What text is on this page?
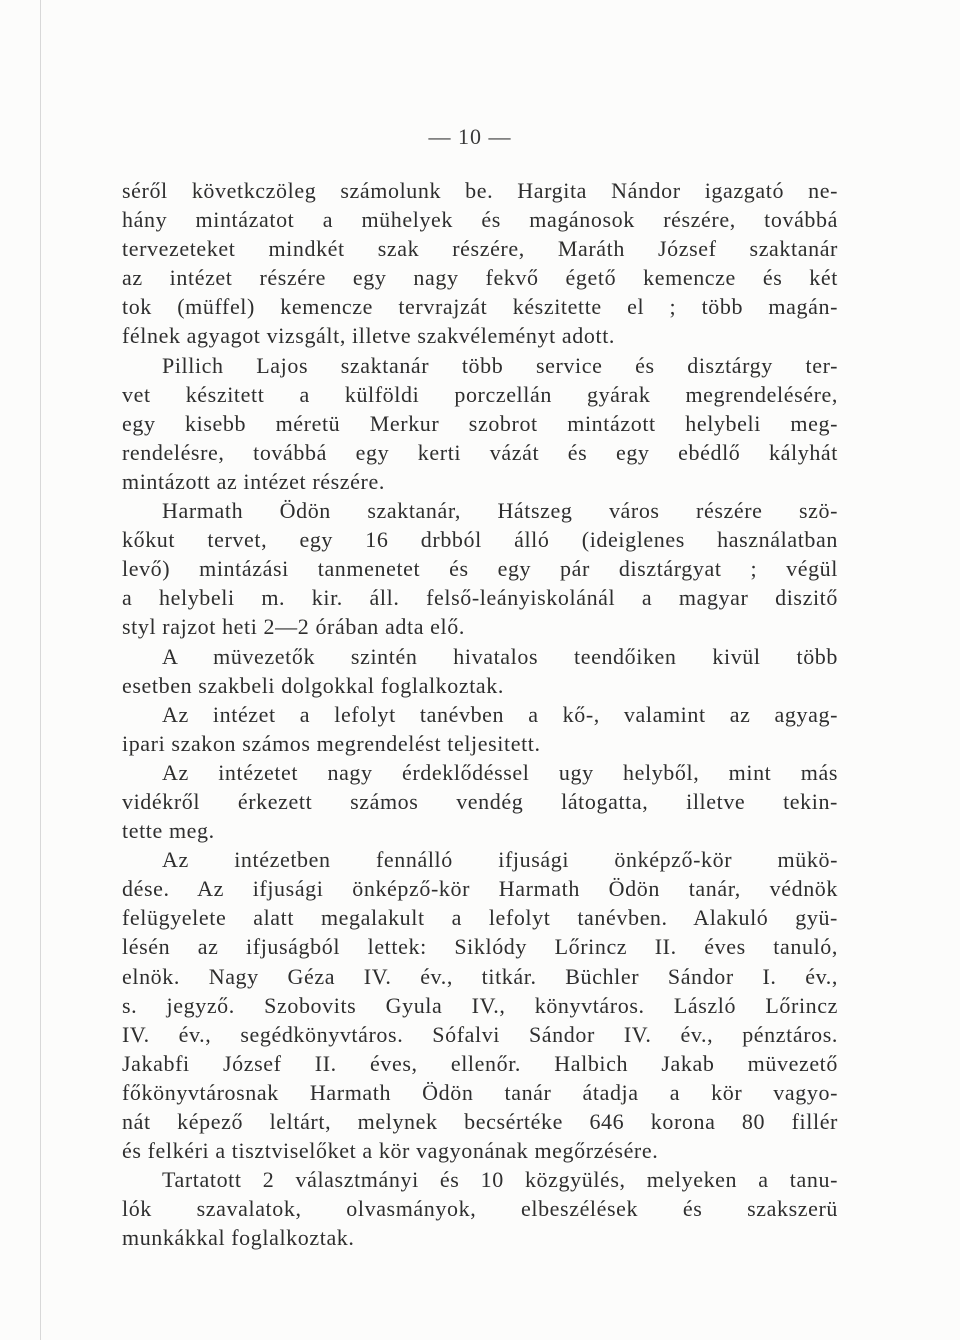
— 10 —
séről követkczöleg számolunk be. Hargita Nándor igazgató ne-
hány mintázatot a mühelyek és magánosok részére, továbbá
tervezeteket mindkét szak részére, Maráth József szaktanár
az intézet részére egy nagy fekvő égető kemencze és két
tok (müffel) kemencze tervrajzát készitette el ; több magán-
félnek agyagot vizsgált, illetve szakvéleményt adott.
Pillich Lajos szaktanár több service és disztárgy ter-
vet készitett a külföldi porczellán gyárak megrendelésére,
egy kisebb méretü Merkur szobrot mintázott helybeli meg-
rendelésre, továbbá egy kerti vázát és egy ebédlő kályhát
mintázott az intézet részére.
Harmath Ödön szaktanár, Hátszeg város részére szö-
kőkut tervet, egy 16 drbból álló (ideiglenes használatban
levő) mintázási tanmenetet és egy pár disztárgyat ; végül
a helybeli m. kir. áll. felső-leányiskolánál a magyar diszitő
styl rajzot heti 2—2 órában adta elő.
A müvezetők szintén hivatalos teendőiken kivül több
esetben szakbeli dolgokkal foglalkoztak.
Az intézet a lefolyt tanévben a kő-, valamint az agyag-
ipari szakon számos megrendelést teljesitett.
Az intézetet nagy érdeklődéssel ugy helyből, mint más
vidékről érkezett számos vendég látogatta, illetve tekin-
tette meg.
Az intézetben fennálló ifjusági önképző-kör mükö-
dése. Az ifjusági önképző-kör Harmath Ödön tanár, védnök
felügyelete alatt megalakult a lefolyt tanévben. Alakuló gyü-
lésén az ifjuságból lettek: Siklódy Lőrincz II. éves tanuló,
elnök. Nagy Géza IV. év., titkár. Büchler Sándor I. év.,
s. jegyző. Szobovits Gyula IV., könyvtáros. László Lőrincz
IV. év., segédkönyvtáros. Sófalvi Sándor IV. év., pénztáros.
Jakabfi József II. éves, ellenőr. Halbich Jakab müvezető
főkönyvtárosnak Harmath Ödön tanár átadja a kör vagyo-
nát képező leltárt, melynek becsértéke 646 korona 80 fillér
és felkéri a tisztviselőket a kör vagyonának megőrzésére.
Tartatott 2 választmányi és 10 közgyülés, melyeken a tanu-
lók szavalatok, olvasmányok, elbeszélések és szakszerü
munkákkal foglalkoztak.
